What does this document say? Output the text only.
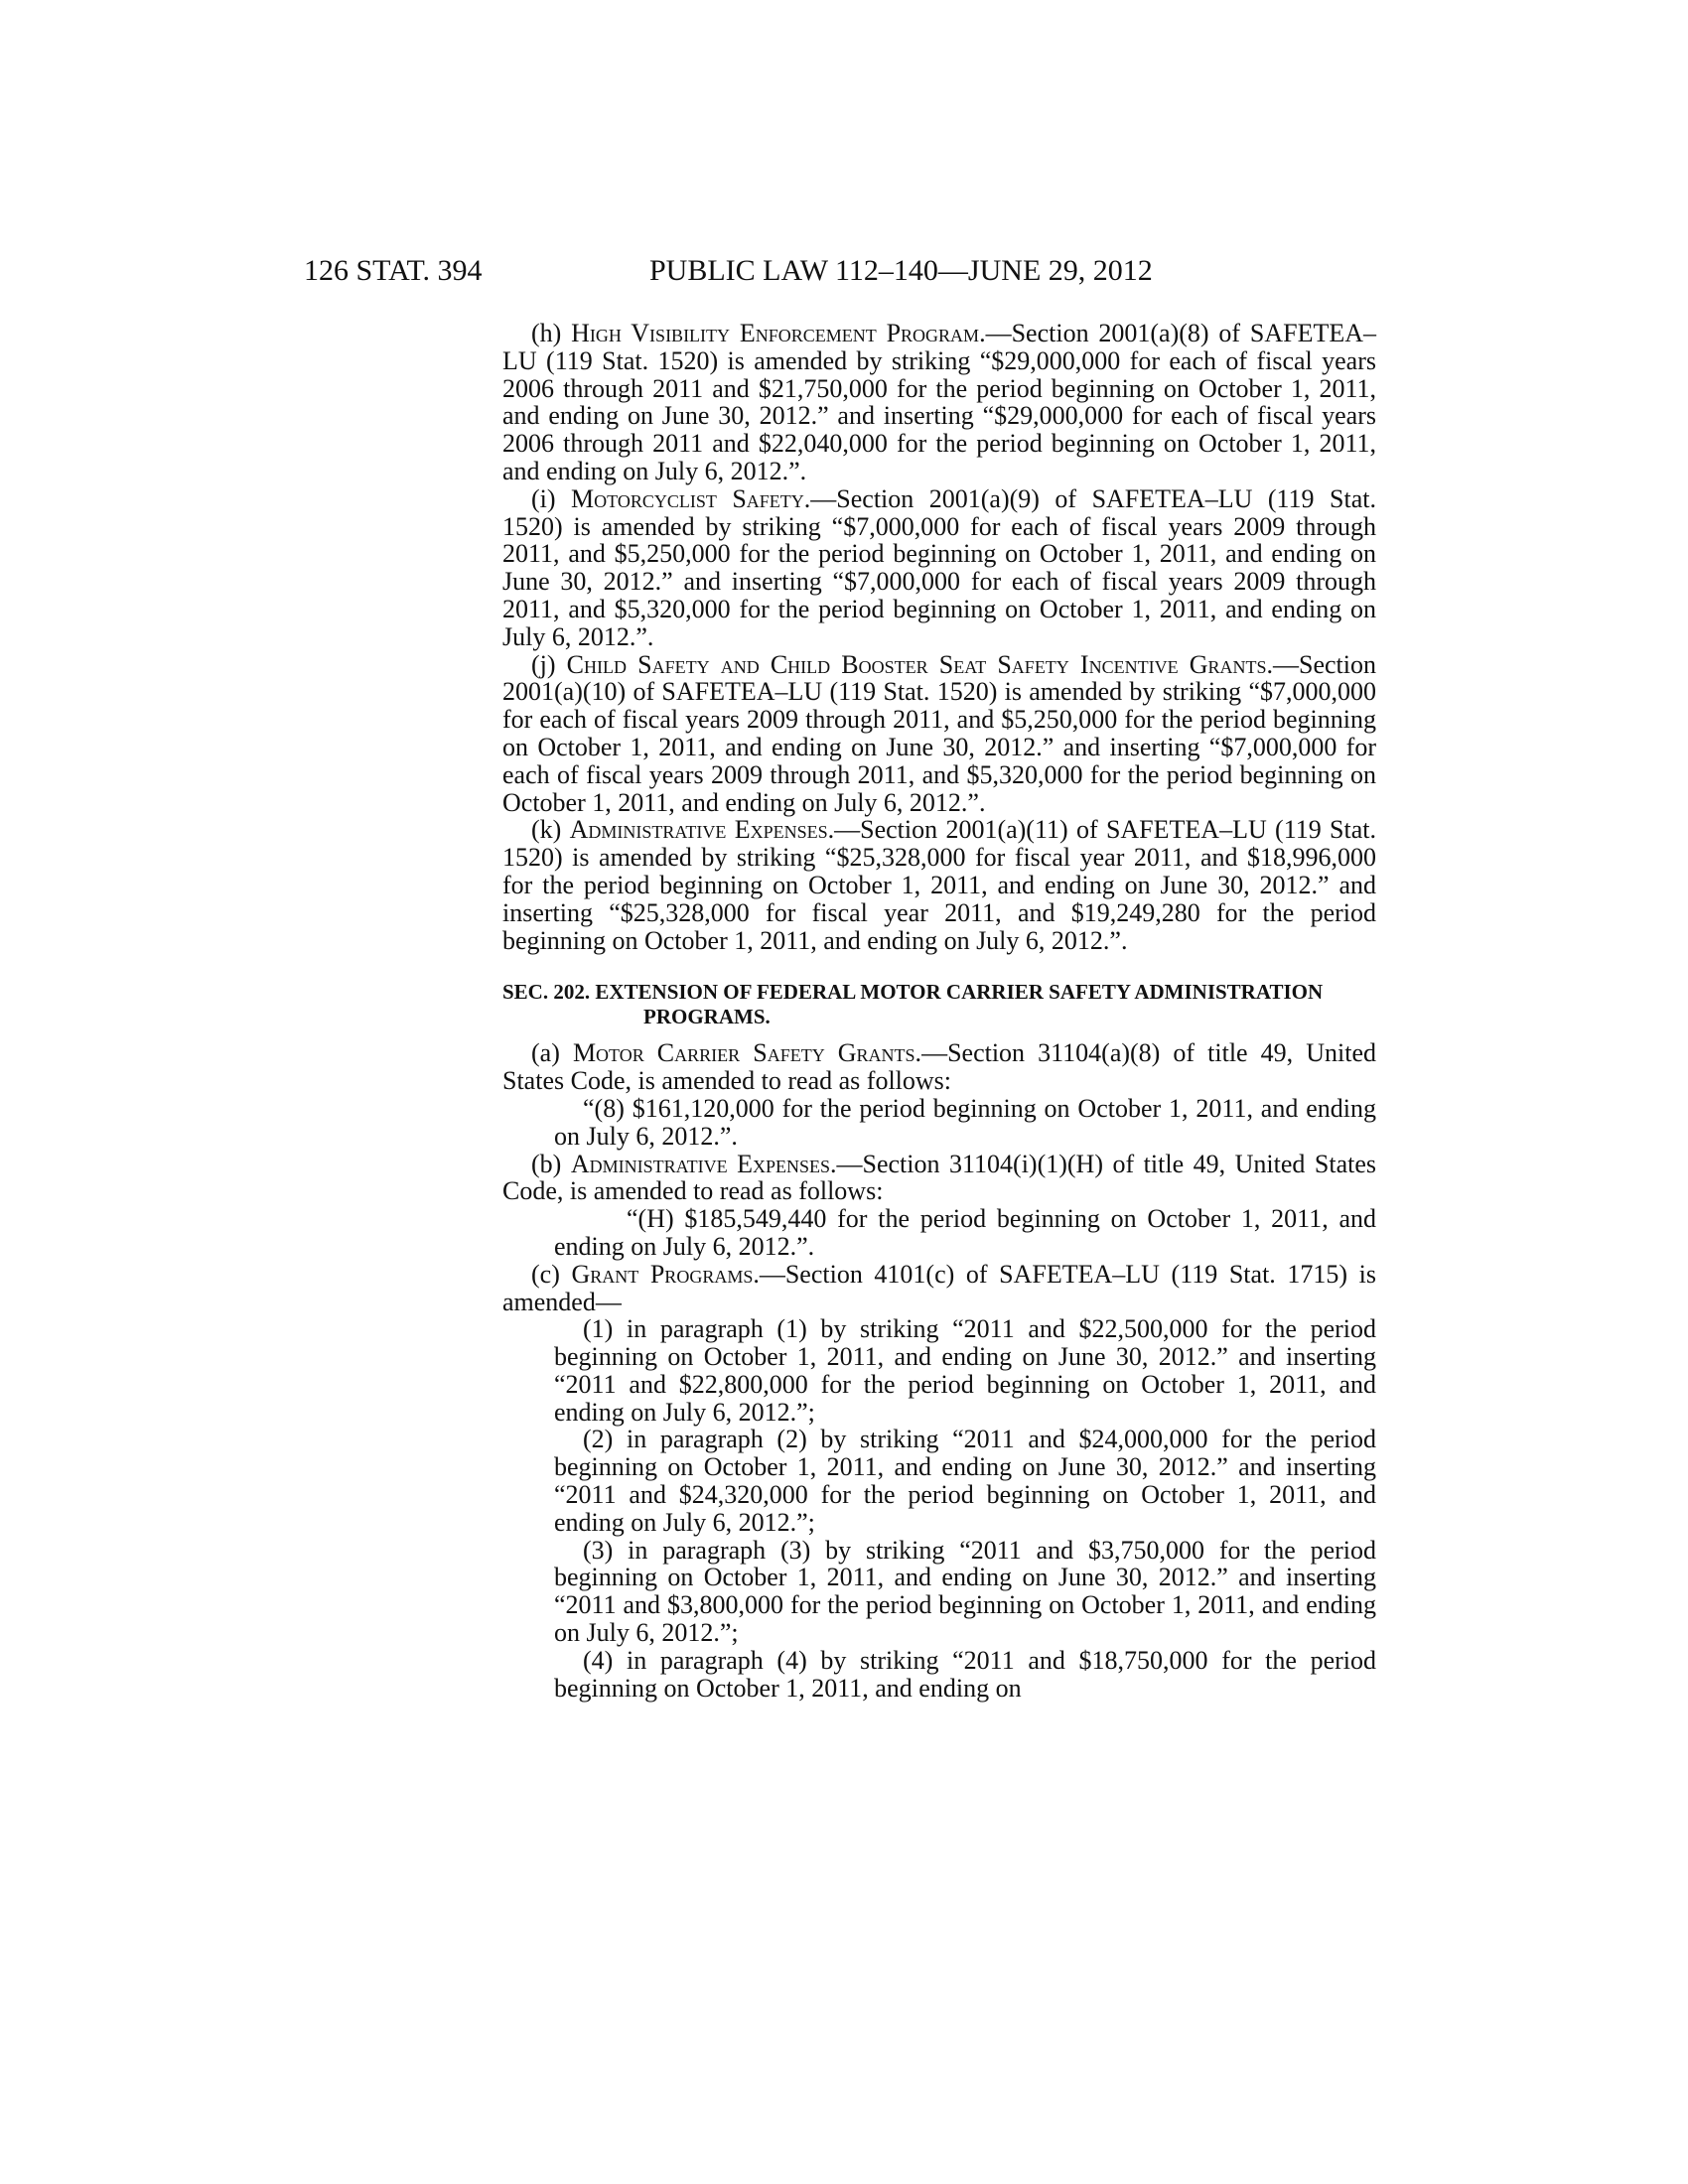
126 STAT. 394	PUBLIC LAW 112–140—JUNE 29, 2012

(h) High Visibility Enforcement Program.—Section 2001(a)(8) of SAFETEA–LU (119 Stat. 1520) is amended by striking “$29,000,000 for each of fiscal years 2006 through 2011 and $21,750,000 for the period beginning on October 1, 2011, and ending on June 30, 2012.” and inserting “$29,000,000 for each of fiscal years 2006 through 2011 and $22,040,000 for the period beginning on October 1, 2011, and ending on July 6, 2012.”.

(i) Motorcyclist Safety.—Section 2001(a)(9) of SAFETEA–LU (119 Stat. 1520) is amended by striking “$7,000,000 for each of fiscal years 2009 through 2011, and $5,250,000 for the period beginning on October 1, 2011, and ending on June 30, 2012.” and inserting “$7,000,000 for each of fiscal years 2009 through 2011, and $5,320,000 for the period beginning on October 1, 2011, and ending on July 6, 2012.”.

(j) Child Safety and Child Booster Seat Safety Incentive Grants.—Section 2001(a)(10) of SAFETEA–LU (119 Stat. 1520) is amended by striking “$7,000,000 for each of fiscal years 2009 through 2011, and $5,250,000 for the period beginning on October 1, 2011, and ending on June 30, 2012.” and inserting “$7,000,000 for each of fiscal years 2009 through 2011, and $5,320,000 for the period beginning on October 1, 2011, and ending on July 6, 2012.”.

(k) Administrative Expenses.—Section 2001(a)(11) of SAFETEA–LU (119 Stat. 1520) is amended by striking “$25,328,000 for fiscal year 2011, and $18,996,000 for the period beginning on October 1, 2011, and ending on June 30, 2012.” and inserting “$25,328,000 for fiscal year 2011, and $19,249,280 for the period beginning on October 1, 2011, and ending on July 6, 2012.”.

SEC. 202. EXTENSION OF FEDERAL MOTOR CARRIER SAFETY ADMINISTRATION PROGRAMS.

(a) Motor Carrier Safety Grants.—Section 31104(a)(8) of title 49, United States Code, is amended to read as follows:

“(8) $161,120,000 for the period beginning on October 1, 2011, and ending on July 6, 2012.”.

(b) Administrative Expenses.—Section 31104(i)(1)(H) of title 49, United States Code, is amended to read as follows:

“(H) $185,549,440 for the period beginning on October 1, 2011, and ending on July 6, 2012.”.

(c) Grant Programs.—Section 4101(c) of SAFETEA–LU (119 Stat. 1715) is amended—

(1) in paragraph (1) by striking “2011 and $22,500,000 for the period beginning on October 1, 2011, and ending on June 30, 2012.” and inserting “2011 and $22,800,000 for the period beginning on October 1, 2011, and ending on July 6, 2012.”;

(2) in paragraph (2) by striking “2011 and $24,000,000 for the period beginning on October 1, 2011, and ending on June 30, 2012.” and inserting “2011 and $24,320,000 for the period beginning on October 1, 2011, and ending on July 6, 2012.”;

(3) in paragraph (3) by striking “2011 and $3,750,000 for the period beginning on October 1, 2011, and ending on June 30, 2012.” and inserting “2011 and $3,800,000 for the period beginning on October 1, 2011, and ending on July 6, 2012.”;

(4) in paragraph (4) by striking “2011 and $18,750,000 for the period beginning on October 1, 2011, and ending on
